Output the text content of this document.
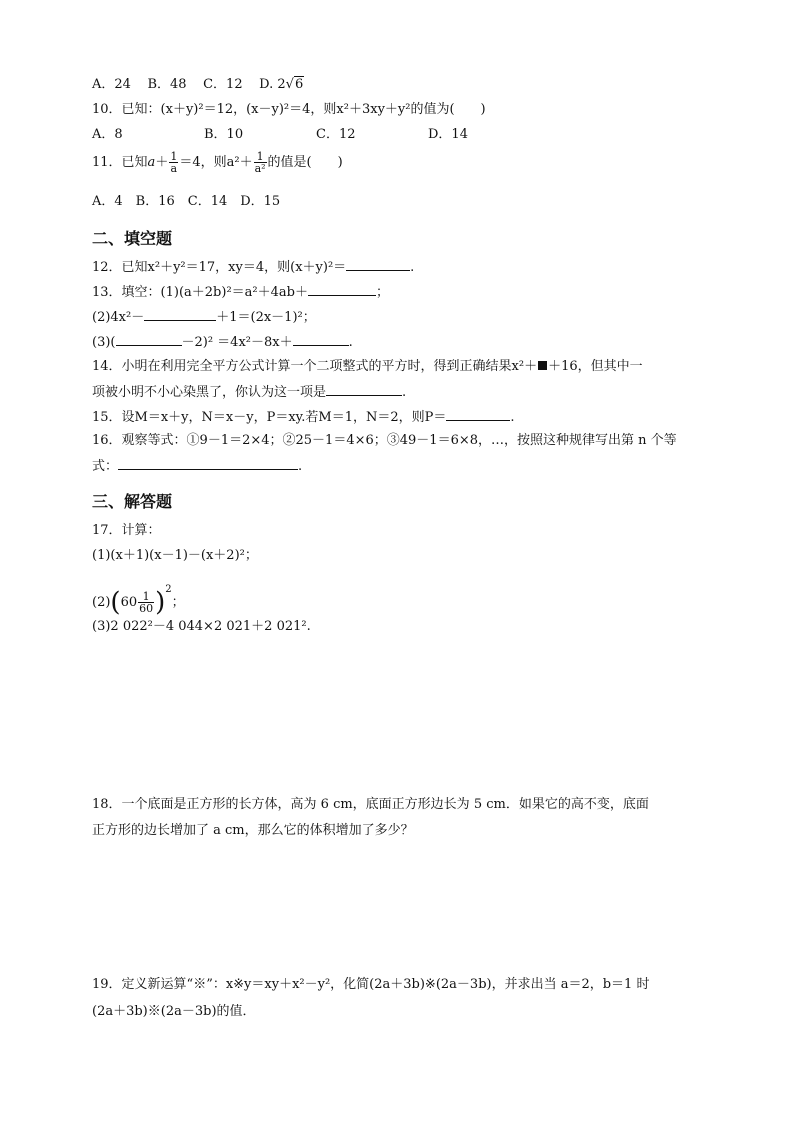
A．24 B．48 C．12 D. 2√6
10．已知：(x＋y)²＝12，(x－y)²＝4，则x²＋3xy＋y²的值为(　　)
A．8	B．10	C．12	D．14
11．已知$a+ \frac{1}{a} =4$，则$a^2+ \frac{1}{\text{a²}}$ 的值是(　　)
A．4　B．16　C．14　D．15
二、填空题
12．已知x²＋y²＝17，xy＝4，则(x＋y)²＝	.
13．填空：(1)(a＋2b)²＝a²＋4ab＋	；
(2)4x²－	＋1＝(2x－1)²；
(3)(	－2)² ＝4x²－8x＋	.
14．小明在利用完全平方公式计算一个二项整式的平方时，得到正确结果x²＋ ＋16，但其中一
项被小明不小心染黑了，你认为这一项是	.
15．设M＝x＋y，N＝x－y，P＝xy.若M＝1，N＝2，则P＝	.
16．观察等式：①9－1＝2×4；②25－1＝4×6；③49－1＝6×8，…，按照这种规律写出第 n 个等
式：	.
三、解答题
17．计算：
(1)(x＋1)(x－1)－(x＋2)²；
$(2)(60 \frac{1}{60} )^2$；
(3)2 022²－4 044×2 021＋2 021².
18．一个底面是正方形的长方体，高为 6 cm，底面正方形边长为 5 cm．如果它的高不变，底面
正方形的边长增加了 a cm，那么它的体积增加了多少？
19．定义新运算“※”：x※y＝xy＋x²－y²，化简(2a＋3b)※(2a－3b)，并求出当 a＝2，b＝1 时
(2a＋3b)※(2a－3b)的值．
